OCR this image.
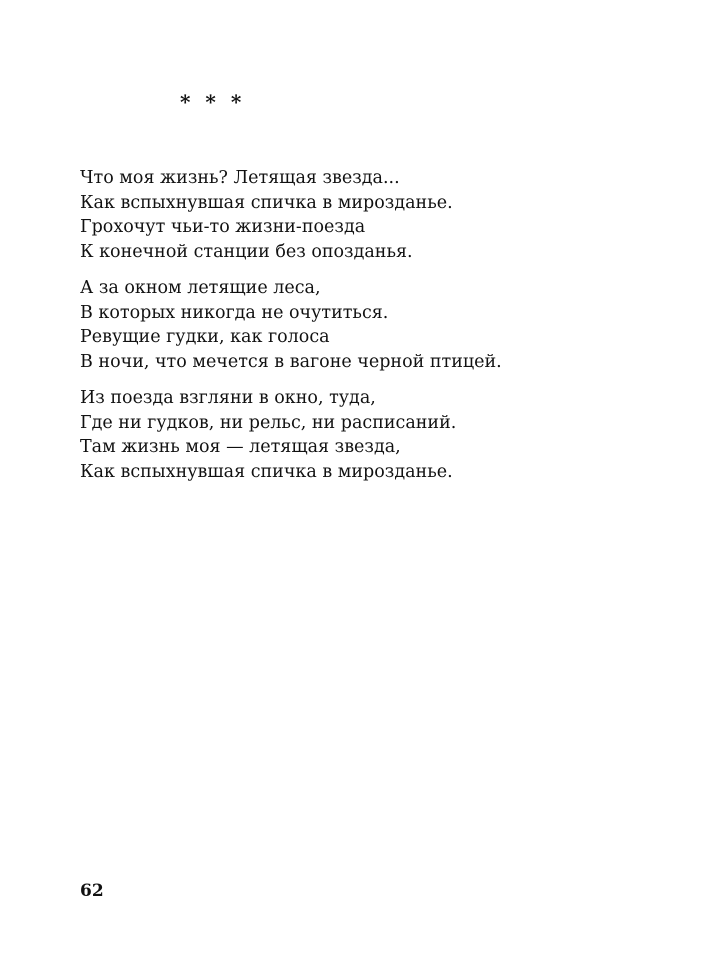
* * *
Что моя жизнь? Летящая звезда...
Как вспыхнувшая спичка в мирозданье.
Грохочут чьи-то жизни-поезда
К конечной станции без опозданья.
А за окном летящие леса,
В которых никогда не очутиться.
Ревущие гудки, как голоса
В ночи, что мечется в вагоне черной птицей.
Из поезда взгляни в окно, туда,
Где ни гудков, ни рельс, ни расписаний.
Там жизнь моя — летящая звезда,
Как вспыхнувшая спичка в мирозданье.
62
